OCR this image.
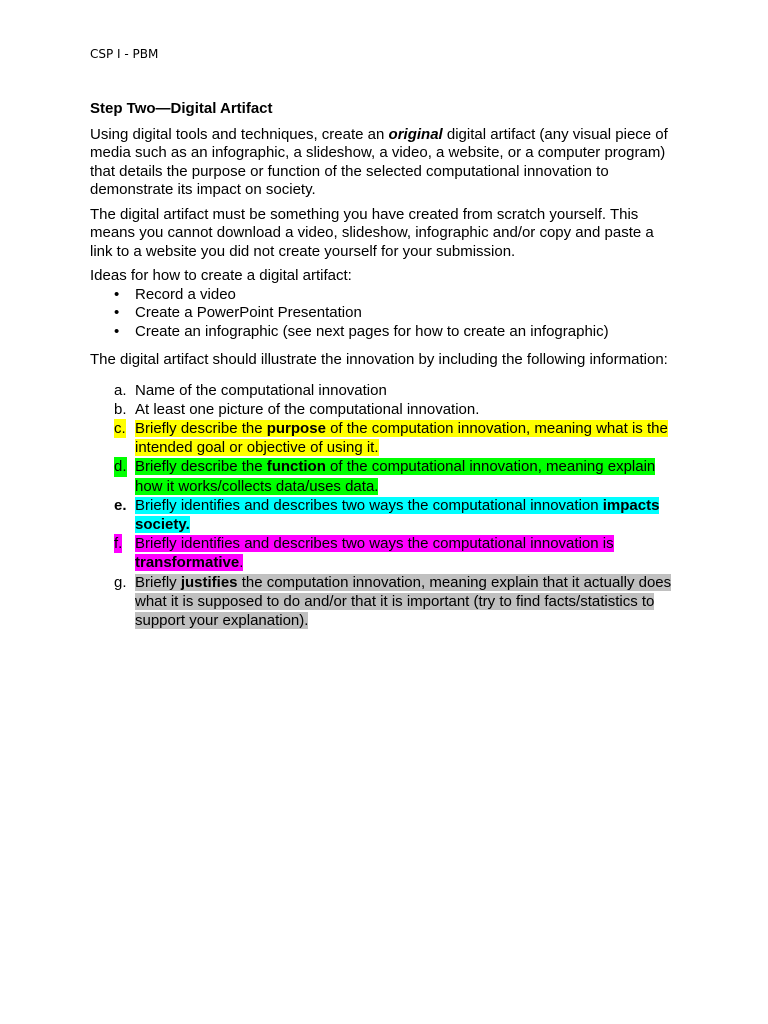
CSP I - PBM
Step Two—Digital Artifact

Using digital tools and techniques, create an original digital artifact (any visual piece of media such as an infographic, a slideshow, a video, a website, or a computer program) that details the purpose or function of the selected computational innovation to demonstrate its impact on society.

The digital artifact must be something you have created from scratch yourself. This means you cannot download a video, slideshow, infographic and/or copy and paste a link to a website you did not create yourself for your submission.

Ideas for how to create a digital artifact:

• Record a video
• Create a PowerPoint Presentation
• Create an infographic (see next pages for how to create an infographic)

The digital artifact should illustrate the innovation by including the following information:

a. Name of the computational innovation
b. At least one picture of the computational innovation.
c. Briefly describe the purpose of the computation innovation, meaning what is the intended goal or objective of using it.
d. Briefly describe the function of the computational innovation, meaning explain how it works/collects data/uses data.
e. Briefly identifies and describes two ways the computational innovation impacts society.
f. Briefly identifies and describes two ways the computational innovation is transformative.
g. Briefly justifies the computation innovation, meaning explain that it actually does what it is supposed to do and/or that it is important (try to find facts/statistics to support your explanation).
